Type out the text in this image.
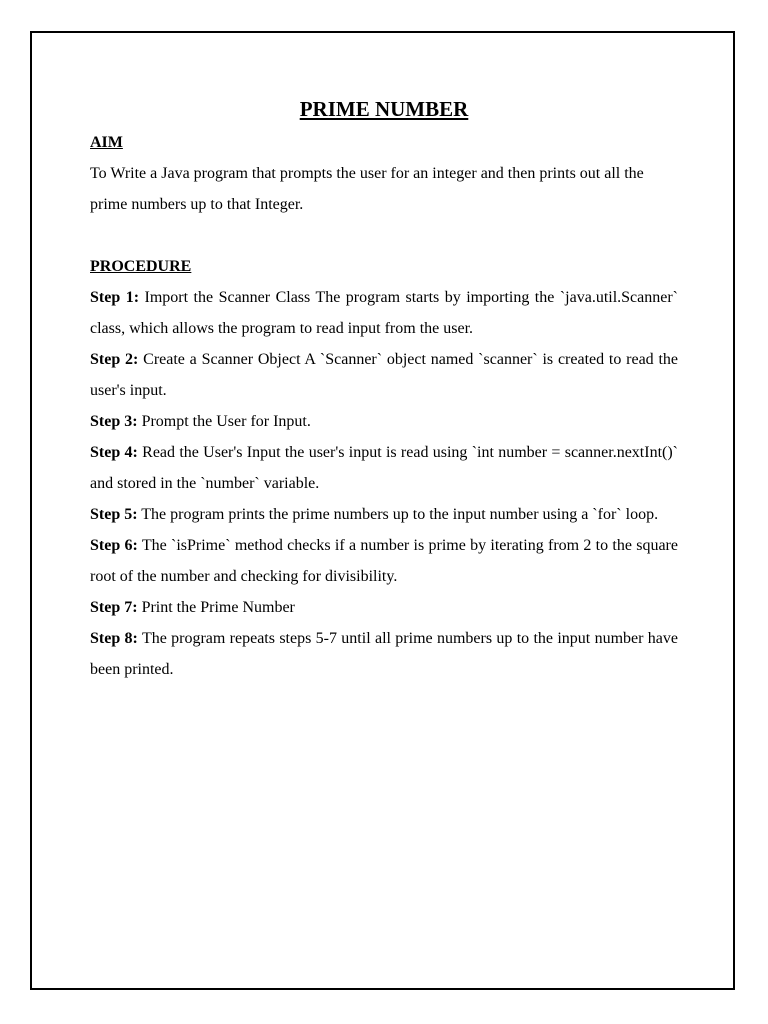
PRIME NUMBER
AIM

To Write a Java program that prompts the user for an integer and then prints out all the prime numbers up to that Integer.

PROCEDURE

Step 1: Import the Scanner Class The program starts by importing the `java.util.Scanner` class, which allows the program to read input from the user.

Step 2: Create a Scanner Object A `Scanner` object named `scanner` is created to read the user's input.

Step 3: Prompt the User for Input.

Step 4: Read the User's Input the user's input is read using `int number = scanner.nextInt()` and stored in the `number` variable.

Step 5: The program prints the prime numbers up to the input number using a `for` loop.

Step 6: The `isPrime` method checks if a number is prime by iterating from 2 to the square root of the number and checking for divisibility.

Step 7: Print the Prime Number

Step 8: The program repeats steps 5-7 until all prime numbers up to the input number have been printed.
